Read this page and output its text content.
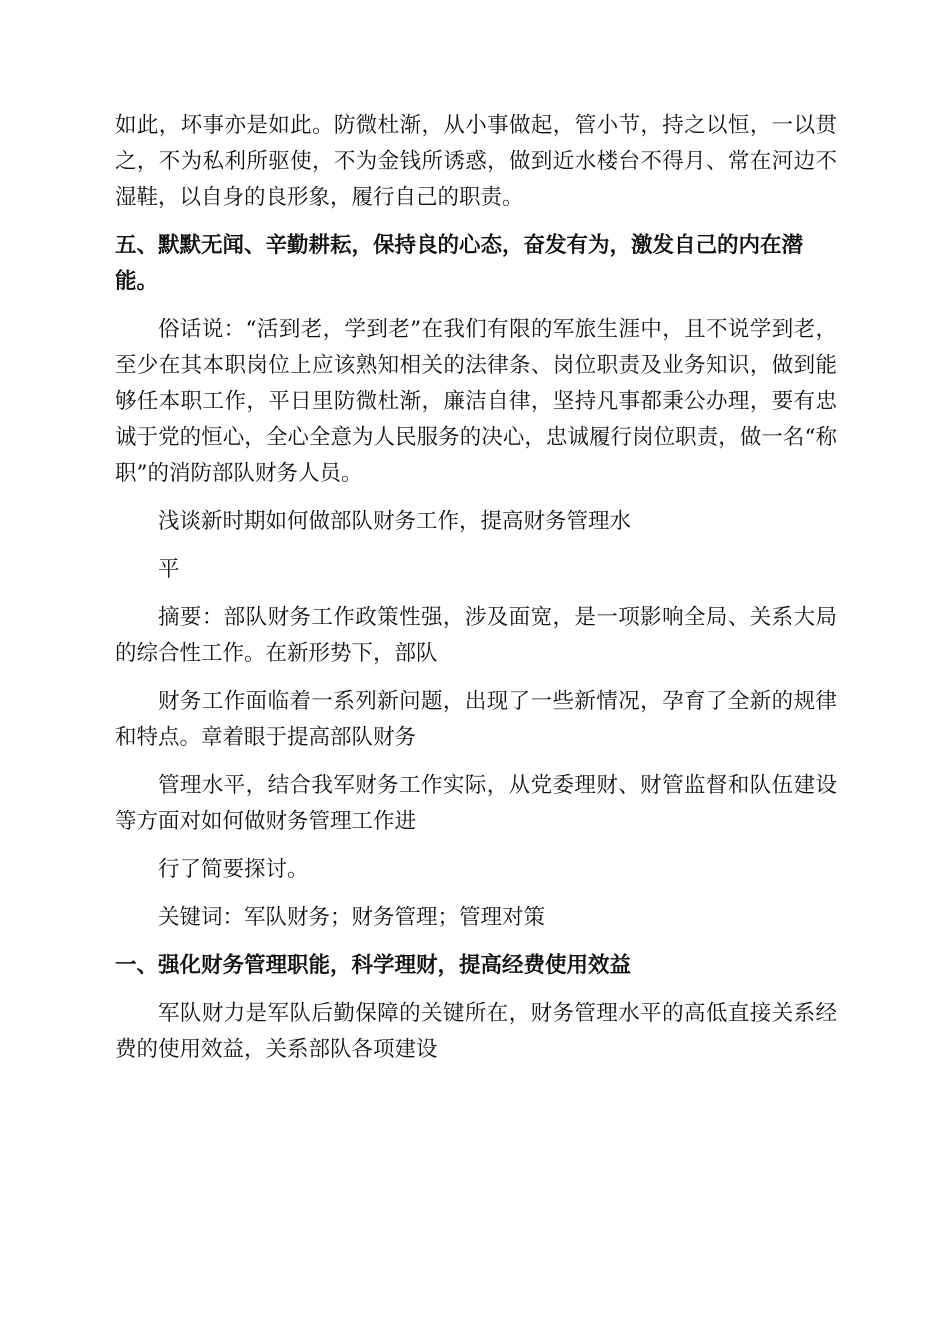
如此，坏事亦是如此。防微杜渐，从小事做起，管小节，持之以恒，一以贯之，不为私利所驱使，不为金钱所诱惑，做到近水楼台不得月、常在河边不湿鞋，以自身的良形象，履行自己的职责。

五、默默无闻、辛勤耕耘，保持良的心态，奋发有为，激发自己的内在潜能。

俗话说：“活到老，学到老”在我们有限的军旅生涯中，且不说学到老，至少在其本职岗位上应该熟知相关的法律条、岗位职责及业务知识，做到能够任本职工作，平日里防微杜渐，廉洁自律，坚持凡事都秉公办理，要有忠诚于党的恒心，全心全意为人民服务的决心，忠诚履行岗位职责，做一名“称职”的消防部队财务人员。

浅谈新时期如何做部队财务工作，提高财务管理水

平

摘要：部队财务工作政策性强，涉及面宽，是一项影响全局、关系大局的综合性工作。在新形势下，部队

财务工作面临着一系列新问题，出现了一些新情况，孕育了全新的规律和特点。章着眼于提高部队财务

管理水平，结合我军财务工作实际，从党委理财、财管监督和队伍建设等方面对如何做财务管理工作进

行了简要探讨。

关键词：军队财务；财务管理；管理对策

一、强化财务管理职能，科学理财，提高经费使用效益

军队财力是军队后勤保障的关键所在，财务管理水平的高低直接关系经费的使用效益，关系部队各项建设
